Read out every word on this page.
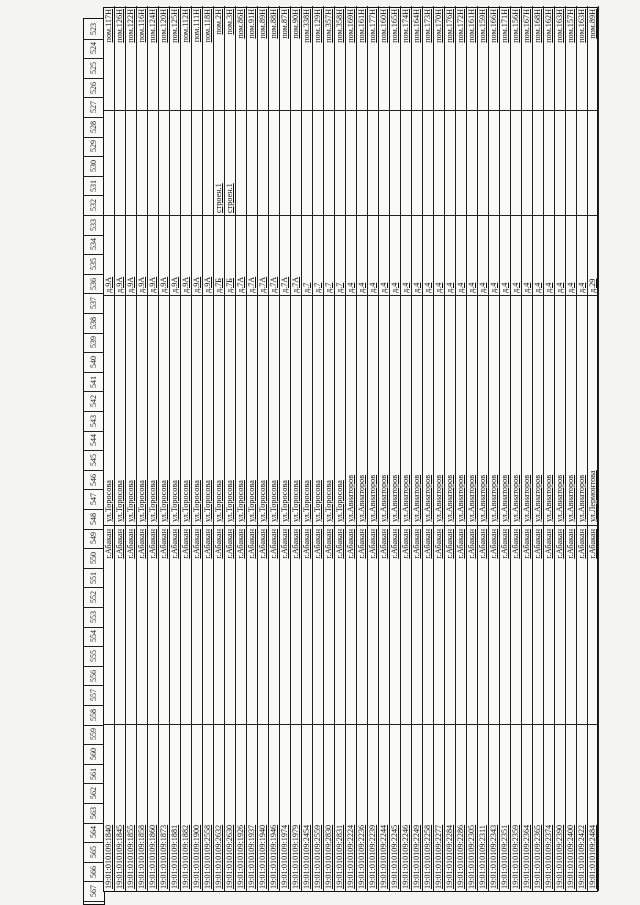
523
524
525
526
527
528
529
530
531
532
533
534
535
536
537
538
539
540
541
542
543
544
545
546
547
548
549
550
551
552
553
554
555
556
557
558
559
560
561
562
563
564
565
566
567
19:01:010109:1840
г.Абакан
ул.Торосова
д.9А
пом.117Н
19:01:010109:1845
г.Абакан
ул.Торосова
д.9А
пом.126Н
19:01:010109:1855
г.Абакан
ул.Торосова
д.9А
пом.122Н
19:01:010109:1858
г.Абакан
ул.Торосова
д.9А
пом.116Н
19:01:010109:1860
г.Абакан
ул.Торосова
д.9А
пом.124Н
19:01:010109:1873
г.Абакан
ул.Торосова
д.9А
пом.120Н
19:01:010109:1881
г.Абакан
ул.Торосова
д.9А
пом.125Н
19:01:010109:1882
г.Абакан
ул.Торосова
д.9А
пом.112Н
19:01:010109:1900
г.Абакан
ул.Торосова
д.9А
пом.111Н
19:01:010109:2558
г.Абакан
ул.Торосова
д.9А
пом.118Н
19:01:010109:2632
г.Абакан
ул.Торосова
д.7Б
строен.1
пом.2Н
19:01:010109:2630
г.Абакан
ул.Торосова
д.7Б
строен.1
пом.3Н
19:01:010109:1926
г.Абакан
ул.Торосова
д.7А
пом.86Н
19:01:010109:1937
г.Абакан
ул.Торосова
д.7А
пом.91Н
19:01:010109:1940
г.Абакан
ул.Торосова
д.7А
пом.89Н
19:01:010109:1946
г.Абакан
ул.Торосова
д.7А
пом.88Н
19:01:010109:1974
г.Абакан
ул.Торосова
д.7А
пом.87Н
19:01:010109:1979
г.Абакан
ул.Торосова
д.7А
пом.90Н
19:01:010109:2454
г.Абакан
ул.Торосова
д.7
пом.338Н
19:01:010109:2559
г.Абакан
ул.Торосова
д.7
пом.129Н
19:01:010109:2830
г.Абакан
ул.Торосова
д.7
пом.357Н
19:01:010109:2831
г.Абакан
ул.Торосова
д.7
пом.358Н
19:01:010109:2224
г.Абакан
ул.Авиаторов
д.4
пом.169Н
19:01:010109:2236
г.Абакан
ул.Авиаторов
д.4
пом.161Н
19:01:010109:2239
г.Абакан
ул.Авиаторов
д.4
пом.177Н
19:01:010109:2244
г.Абакан
ул.Авиаторов
д.4
пом.160Н
19:01:010109:2245
г.Абакан
ул.Авиаторов
д.4
пом.165Н
19:01:010109:2246
г.Абакан
ул.Авиаторов
д.4
пом.174Н
19:01:010109:2249
г.Абакан
ул.Авиаторов
д.4
пом.164Н
19:01:010109:2258
г.Абакан
ул.Авиаторов
д.4
пом.173Н
19:01:010109:2277
г.Абакан
ул.Авиаторов
д.4
пом.170Н
19:01:010109:2284
г.Абакан
ул.Авиаторов
д.4
пом.176Н
19:01:010109:2286
г.Абакан
ул.Авиаторов
д.4
пом.172Н
19:01:010109:2305
г.Абакан
ул.Авиаторов
д.4
пом.161Н
19:01:010109:2311
г.Абакан
ул.Авиаторов
д.4
пом.159Н
19:01:010109:2343
г.Абакан
ул.Авиаторов
д.4
пом.166Н
19:01:010109:2351
г.Абакан
ул.Авиаторов
д.4
пом.171Н
19:01:010109:2359
г.Абакан
ул.Авиаторов
д.4
пом.156Н
19:01:010109:2364
г.Абакан
ул.Авиаторов
д.4
пом.167Н
19:01:010109:2365
г.Абакан
ул.Авиаторов
д.4
пом.168Н
19:01:010109:2374
г.Абакан
ул.Авиаторов
д.4
пом.162Н
19:01:010109:2390
г.Абакан
ул.Авиаторов
д.4
пом.163Н
19:01:010109:2400
г.Абакан
ул.Авиаторов
д.4
пом.157Н
19:01:010109:2422
г.Абакан
ул.Авиаторов
д.4
пом.163Н
19:01:010109:2484
г.Абакан
ул.Лермонтова
д.29
пом.89Н
